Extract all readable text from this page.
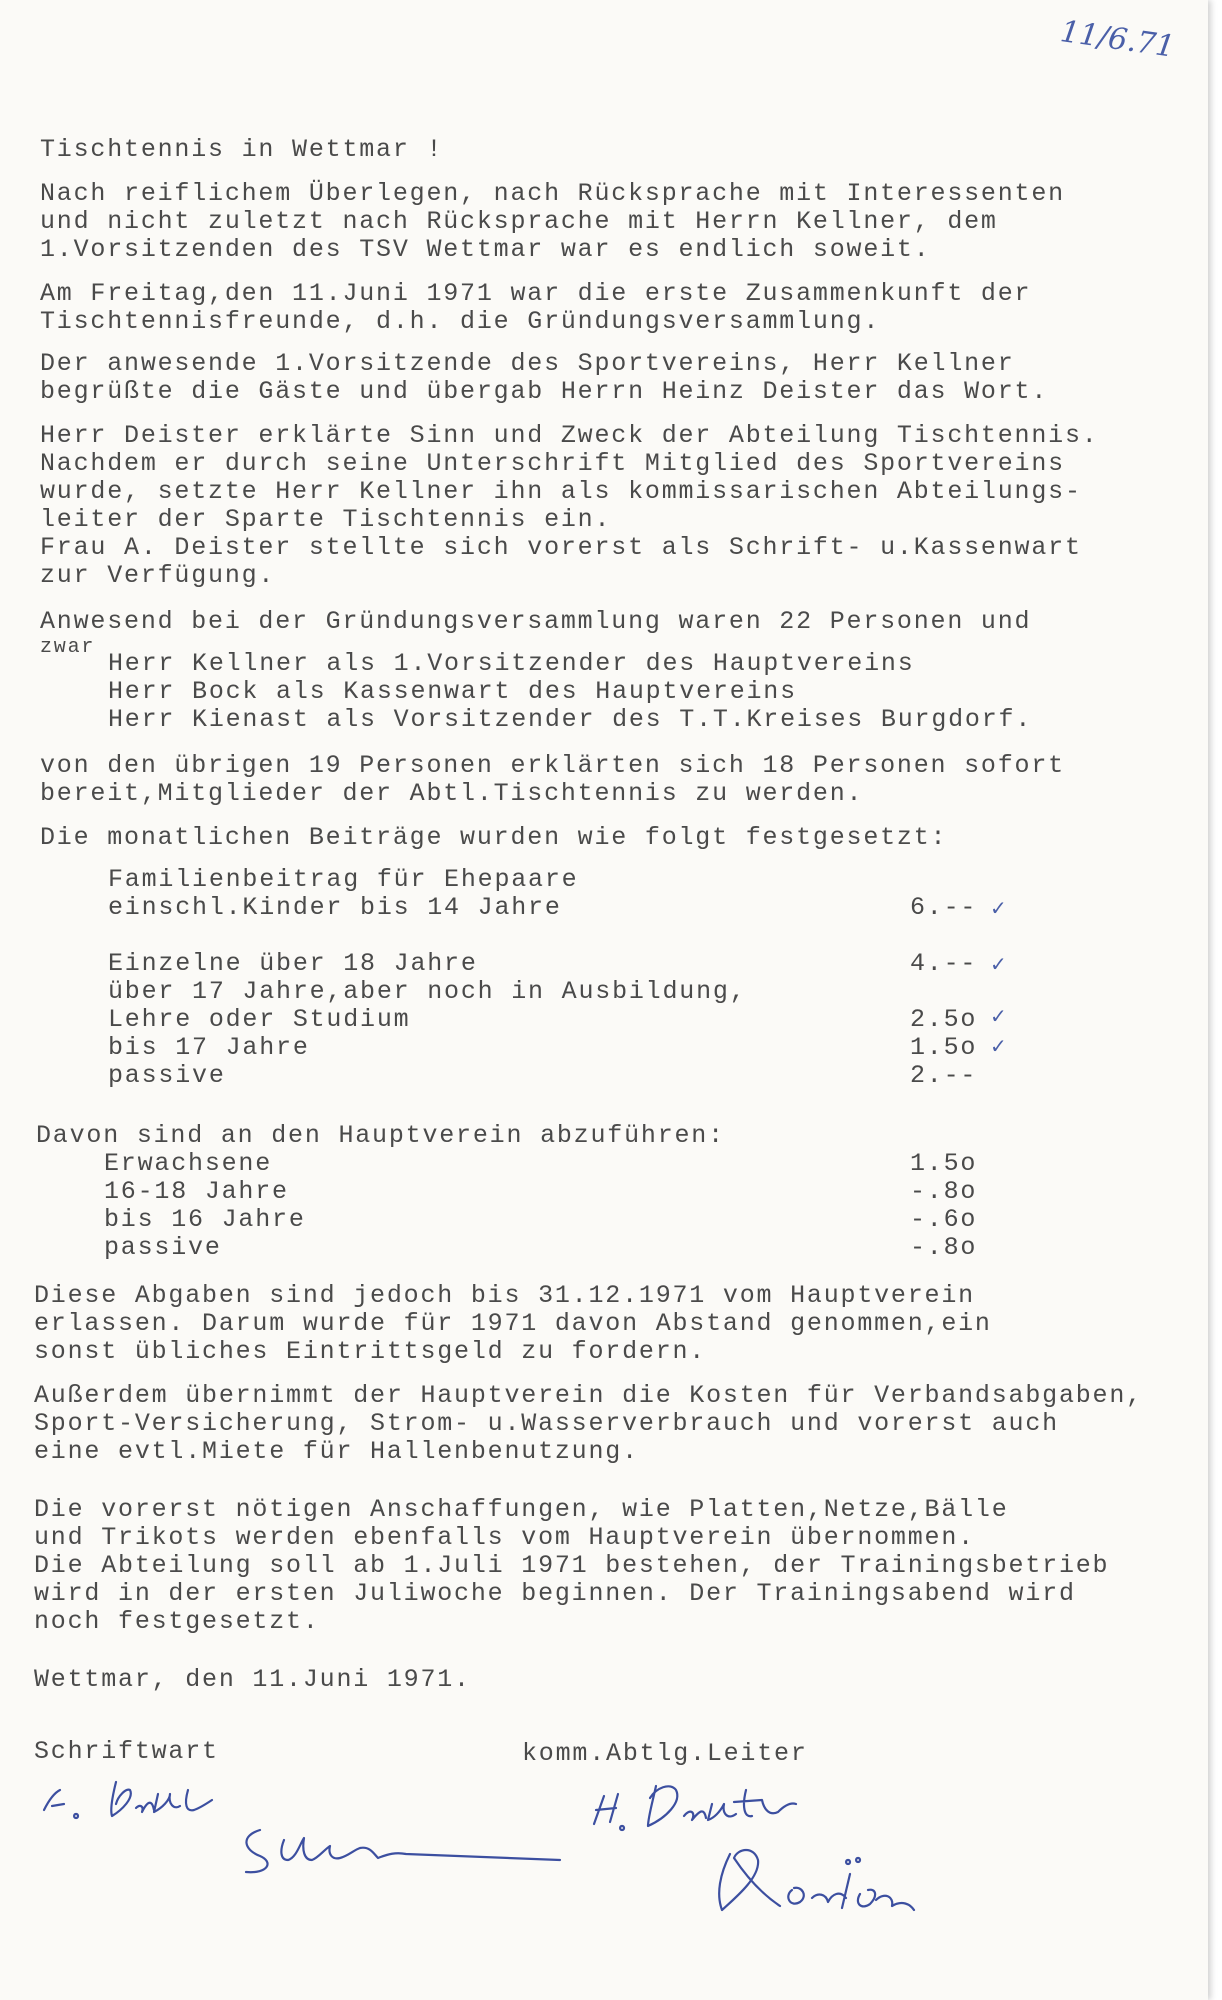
11/6.71

Tischtennis in Wettmar !

Nach reiflichem Überlegen, nach Rücksprache mit Interessenten

und nicht zuletzt nach Rücksprache mit Herrn Kellner, dem

1.Vorsitzenden des TSV Wettmar war es endlich soweit.

Am Freitag,den 11.Juni 1971 war die erste Zusammenkunft der

Tischtennisfreunde, d.h. die Gründungsversammlung.

Der anwesende 1.Vorsitzende des Sportvereins, Herr Kellner

begrüßte die Gäste und übergab Herrn Heinz Deister das Wort.

Herr Deister erklärte Sinn und Zweck der Abteilung Tischtennis.

Nachdem er durch seine Unterschrift Mitglied des Sportvereins

wurde, setzte Herr Kellner ihn als kommissarischen Abteilungs-

leiter der Sparte Tischtennis ein.

Frau A. Deister stellte sich vorerst als Schrift- u.Kassenwart

zur Verfügung.

Anwesend bei der Gründungsversammlung waren 22 Personen und

zwar

Herr Kellner als 1.Vorsitzender des Hauptvereins

Herr Bock als Kassenwart des Hauptvereins

Herr Kienast als Vorsitzender des T.T.Kreises Burgdorf.

von den übrigen 19 Personen erklärten sich 18 Personen sofort

bereit,Mitglieder der Abtl.Tischtennis zu werden.

Die monatlichen Beiträge wurden wie folgt festgesetzt:

Familienbeitrag für Ehepaare

einschl.Kinder bis 14 Jahre	6.-- ✓

Einzelne über 18 Jahre	4.-- ✓

über 17 Jahre,aber noch in Ausbildung,

Lehre oder Studium	2.5o ✓

bis 17 Jahre	1.5o ✓

passive	2.--

Davon sind an den Hauptverein abzuführen:

Erwachsene	1.5o

16-18 Jahre	-.8o

bis 16 Jahre	-.6o

passive	-.8o

Diese Abgaben sind jedoch bis 31.12.1971 vom Hauptverein

erlassen. Darum wurde für 1971 davon Abstand genommen,ein

sonst übliches Eintrittsgeld zu fordern.

Außerdem übernimmt der Hauptverein die Kosten für Verbandsabgaben,

Sport-Versicherung, Strom- u.Wasserverbrauch und vorerst auch

eine evtl.Miete für Hallenbenutzung.

Die vorerst nötigen Anschaffungen, wie Platten,Netze,Bälle

und Trikots werden ebenfalls vom Hauptverein übernommen.

Die Abteilung soll ab 1.Juli 1971 bestehen, der Trainingsbetrieb

wird in der ersten Juliwoche beginnen. Der Trainingsabend wird

noch festgesetzt.

Wettmar, den 11.Juni 1971.

Schriftwart	komm.Abtlg.Leiter
